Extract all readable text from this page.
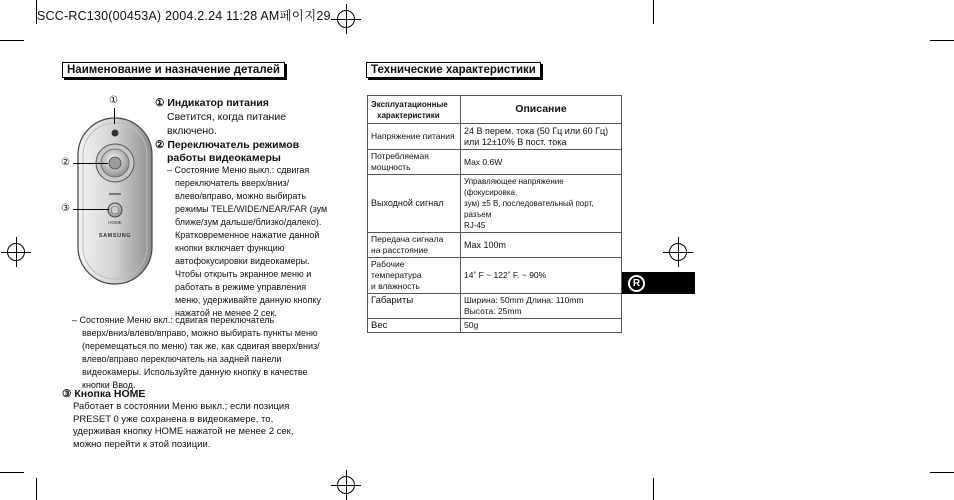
SCC-RC130(00453A) 2004.2.24 11:28 AM페이지29
Наименование и назначение деталей
HOME
SAMSUNG
①
②
③
① Индикатор питания
Светится, когда питание
включено.
② Переключатель режимов
работы видеокамеры
– Состояние Меню выкл.: сдвигая
переключатель вверх/вниз/
влево/вправо, можно выбирать
режимы TELE/WIDE/NEAR/FAR (зум
ближе/зум дальше/близко/далеко).
Кратковременное нажатие данной
кнопки включает функцию
автофокусировки видеокамеры.
Чтобы открыть экранное меню и
работать в режиме управления
меню, удерживайте данную кнопку
нажатой не менее 2 сек.
– Состояние Меню вкл.: сдвигая переключатель
вверх/вниз/влево/вправо, можно выбирать пункты меню
(перемещаться по меню) так же, как сдвигая вверх/вниз/
влево/вправо переключатель на задней панели
видеокамеры. Используйте данную кнопку в качестве
кнопки Ввод.
③ Кнопка HOME
Работает в состоянии Меню выкл.; если позиция
PRESET 0 уже сохранена в видеокамере, то,
удерживая кнопку HOME нажатой не менее 2 сек,
можно перейти к этой позиции.
Технические характеристики
Эксплуатационные
характеристики	Описание
Напряжение питания	24 В перем. тока (50 Гц или 60 Гц)
или 12±10% В пост. тока

Потребляемая мощность	Max 0.6W
Выходной сигнал	Управляющее напряжение (фокусировка,
зум) ±5 В, последовательный порт, разъем
RJ-45

Передача сигнала
на расстояние	Max 100m

Рабочие температура
и влажность	14˚ F ~ 122˚ F. ~ 90%
Габариты	Ширина: 50mm Длина: 110mm
Высота: 25mm

Вес	50g
R
